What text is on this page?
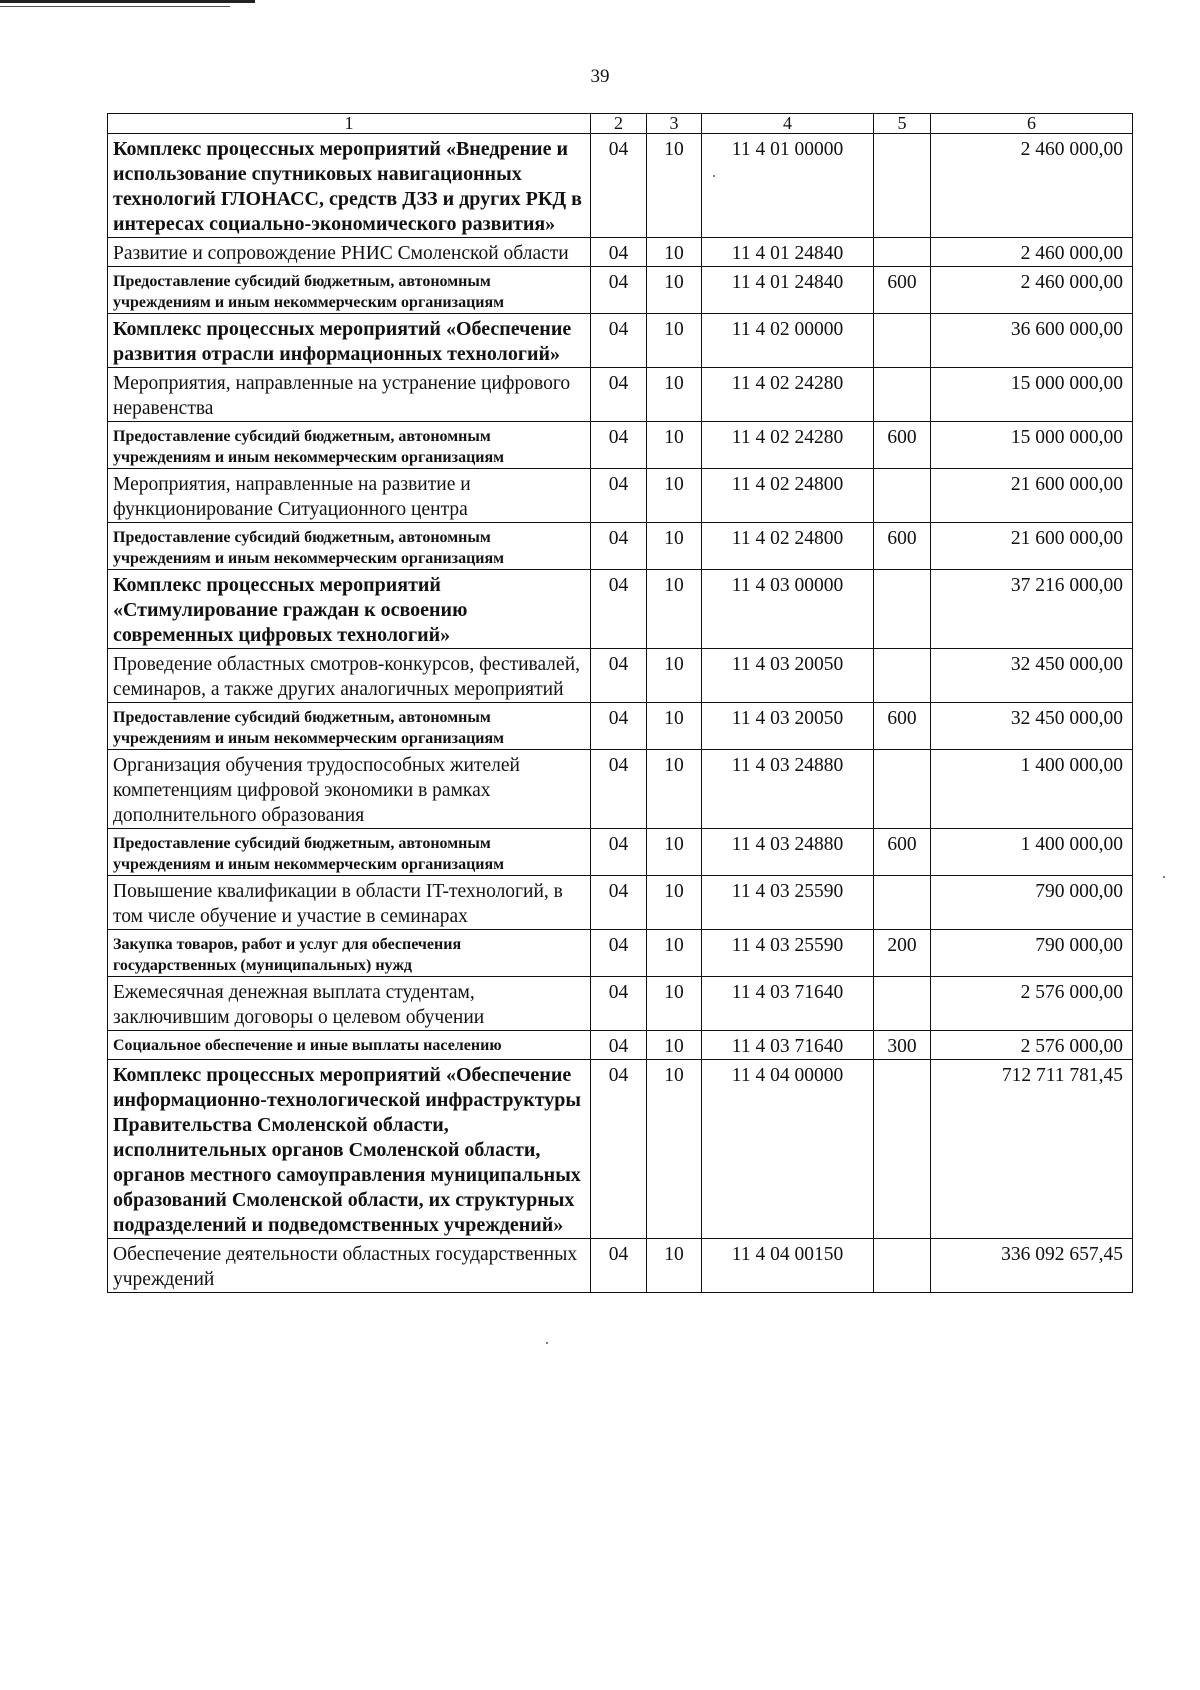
39
1	2	3	4	5	6
Комплекс процессных мероприятий «Внедрение и использование спутниковых навигационных технологий ГЛОНАСС, средств ДЗЗ и других РКД в интересах социально-экономического развития»	04	10	11 4 01 00000		2 460 000,00
Развитие и сопровождение РНИС Смоленской области	04	10	11 4 01 24840		2 460 000,00
Предоставление субсидий бюджетным, автономным учреждениям и иным некоммерческим организациям	04	10	11 4 01 24840	600	2 460 000,00
Комплекс процессных мероприятий «Обеспечение развития отрасли информационных технологий»	04	10	11 4 02 00000		36 600 000,00
Мероприятия, направленные на устранение цифрового неравенства	04	10	11 4 02 24280		15 000 000,00
Предоставление субсидий бюджетным, автономным учреждениям и иным некоммерческим организациям	04	10	11 4 02 24280	600	15 000 000,00
Мероприятия, направленные на развитие и функционирование Ситуационного центра	04	10	11 4 02 24800		21 600 000,00
Предоставление субсидий бюджетным, автономным учреждениям и иным некоммерческим организациям	04	10	11 4 02 24800	600	21 600 000,00
Комплекс процессных мероприятий «Стимулирование граждан к освоению современных цифровых технологий»	04	10	11 4 03 00000		37 216 000,00
Проведение областных смотров-конкурсов, фестивалей, семинаров, а также других аналогичных мероприятий	04	10	11 4 03 20050		32 450 000,00
Предоставление субсидий бюджетным, автономным учреждениям и иным некоммерческим организациям	04	10	11 4 03 20050	600	32 450 000,00
Организация обучения трудоспособных жителей компетенциям цифровой экономики в рамках дополнительного образования	04	10	11 4 03 24880		1 400 000,00
Предоставление субсидий бюджетным, автономным учреждениям и иным некоммерческим организациям	04	10	11 4 03 24880	600	1 400 000,00
Повышение квалификации в области IT-технологий, в том числе обучение и участие в семинарах	04	10	11 4 03 25590		790 000,00
Закупка товаров, работ и услуг для обеспечения государственных (муниципальных) нужд	04	10	11 4 03 25590	200	790 000,00
Ежемесячная денежная выплата студентам, заключившим договоры о целевом обучении	04	10	11 4 03 71640		2 576 000,00
Социальное обеспечение и иные выплаты населению	04	10	11 4 03 71640	300	2 576 000,00
Комплекс процессных мероприятий «Обеспечение информационно-технологической инфраструктуры Правительства Смоленской области, исполнительных органов Смоленской области, органов местного самоуправления муниципальных образований Смоленской области, их структурных подразделений и подведомственных учреждений»	04	10	11 4 04 00000		712 711 781,45
Обеспечение деятельности областных государственных учреждений	04	10	11 4 04 00150		336 092 657,45
